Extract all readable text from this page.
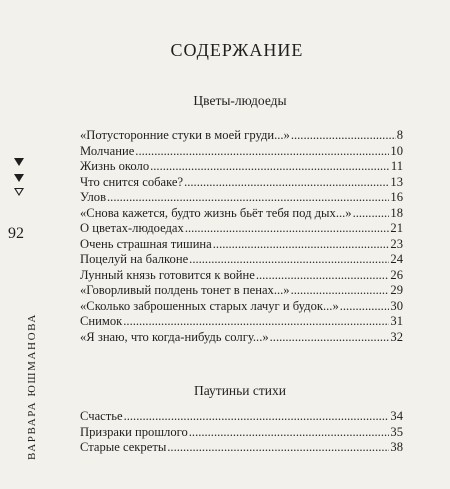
СОДЕРЖАНИЕ
Цветы-людоеды
«Потусторонние стуки в моей груди...» .....	8
Молчание .....	10
Жизнь около .....	11
Что снится собаке? .....	13
Улов .....	16
«Снова кажется, будто жизнь бьёт тебя под дых...» .....	18
О цветах-людоедах .....	21
Очень страшная тишина .....	23
Поцелуй на балконе .....	24
Лунный князь готовится к войне .....	26
«Говорливый полдень тонет в пенах...» .....	29
«Сколько заброшенных старых лачуг и будок...» .....	30
Снимок .....	31
«Я знаю, что когда-нибудь солгу...» .....	32
Паутиньи стихи
Счастье .....	34
Призраки прошлого .....	35
Старые секреты .....	38
92
ВАРВАРА ЮШМАНОВА
